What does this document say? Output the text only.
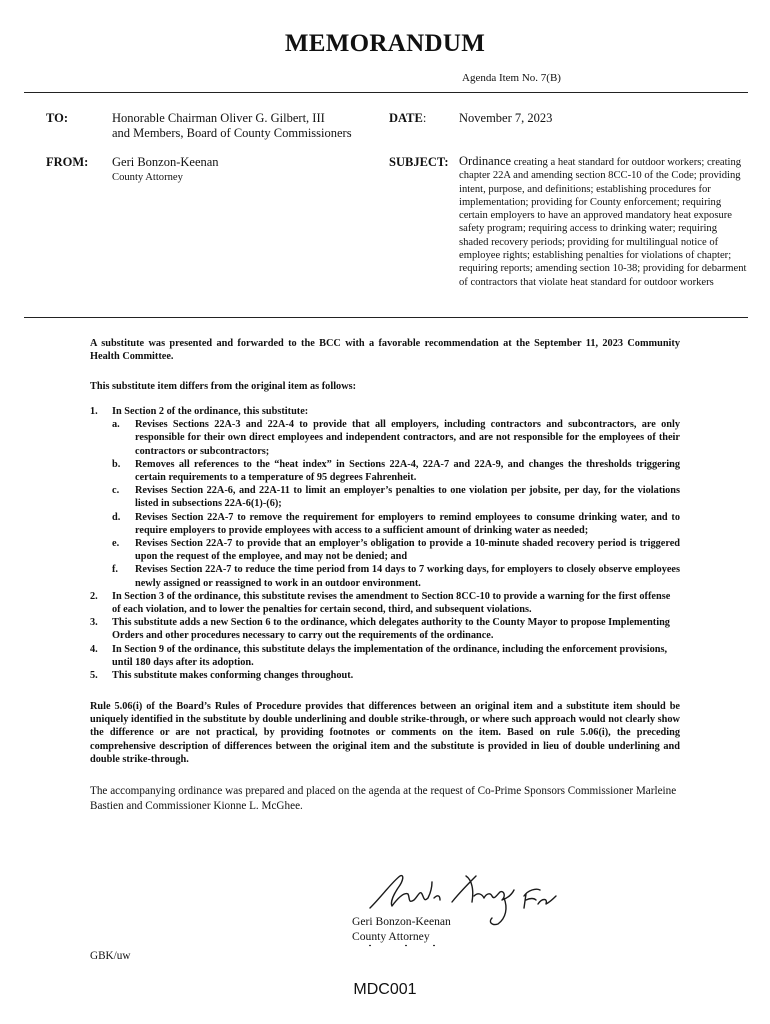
MEMORANDUM
Agenda Item No. 7(B)
TO:	Honorable Chairman Oliver G. Gilbert, III
and Members, Board of County Commissioners
DATE:	November 7, 2023
FROM: Geri Bonzon-Keenan
County Attorney
SUBJECT: Ordinance creating a heat standard for outdoor workers; creating chapter 22A and amending section 8CC-10 of the Code; providing intent, purpose, and definitions; establishing procedures for implementation; providing for County enforcement; requiring certain employers to have an approved mandatory heat exposure safety program; requiring access to drinking water; requiring shaded recovery periods; providing for multilingual notice of employee rights; establishing penalties for violations of chapter; requiring reports; amending section 10-38; providing for debarment of contractors that violate heat standard for outdoor workers
A substitute was presented and forwarded to the BCC with a favorable recommendation at the September 11, 2023 Community Health Committee.
This substitute item differs from the original item as follows:
1. In Section 2 of the ordinance, this substitute:
a. Revises Sections 22A-3 and 22A-4 to provide that all employers, including contractors and subcontractors, are only responsible for their own direct employees and independent contractors, and are not responsible for the employees of their contractors or subcontractors;
b. Removes all references to the “heat index” in Sections 22A-4, 22A-7 and 22A-9, and changes the thresholds triggering certain requirements to a temperature of 95 degrees Fahrenheit.
c. Revises Section 22A-6, and 22A-11 to limit an employer’s penalties to one violation per jobsite, per day, for the violations listed in subsections 22A-6(1)-(6);
d. Revises Section 22A-7 to remove the requirement for employers to remind employees to consume drinking water, and to require employers to provide employees with access to a sufficient amount of drinking water as needed;
e. Revises Section 22A-7 to provide that an employer’s obligation to provide a 10-minute shaded recovery period is triggered upon the request of the employee, and may not be denied; and
f. Revises Section 22A-7 to reduce the time period from 14 days to 7 working days, for employers to closely observe employees newly assigned or reassigned to work in an outdoor environment.
2. In Section 3 of the ordinance, this substitute revises the amendment to Section 8CC-10 to provide a warning for the first offense of each violation, and to lower the penalties for certain second, third, and subsequent violations.
3. This substitute adds a new Section 6 to the ordinance, which delegates authority to the County Mayor to propose Implementing Orders and other procedures necessary to carry out the requirements of the ordinance.
4. In Section 9 of the ordinance, this substitute delays the implementation of the ordinance, including the enforcement provisions, until 180 days after its adoption.
5. This substitute makes conforming changes throughout.
Rule 5.06(i) of the Board’s Rules of Procedure provides that differences between an original item and a substitute item should be uniquely identified in the substitute by double underlining and double strike-through, or where such approach would not clearly show the difference or are not practical, by providing footnotes or comments on the item. Based on rule 5.06(i), the preceding comprehensive description of differences between the original item and the substitute is provided in lieu of double underlining and double strike-through.
The accompanying ordinance was prepared and placed on the agenda at the request of Co-Prime Sponsors Commissioner Marleine Bastien and Commissioner Kionne L. McGhee.
Geri Bonzon-Keenan
County Attorney
GBK/uw
MDC001
